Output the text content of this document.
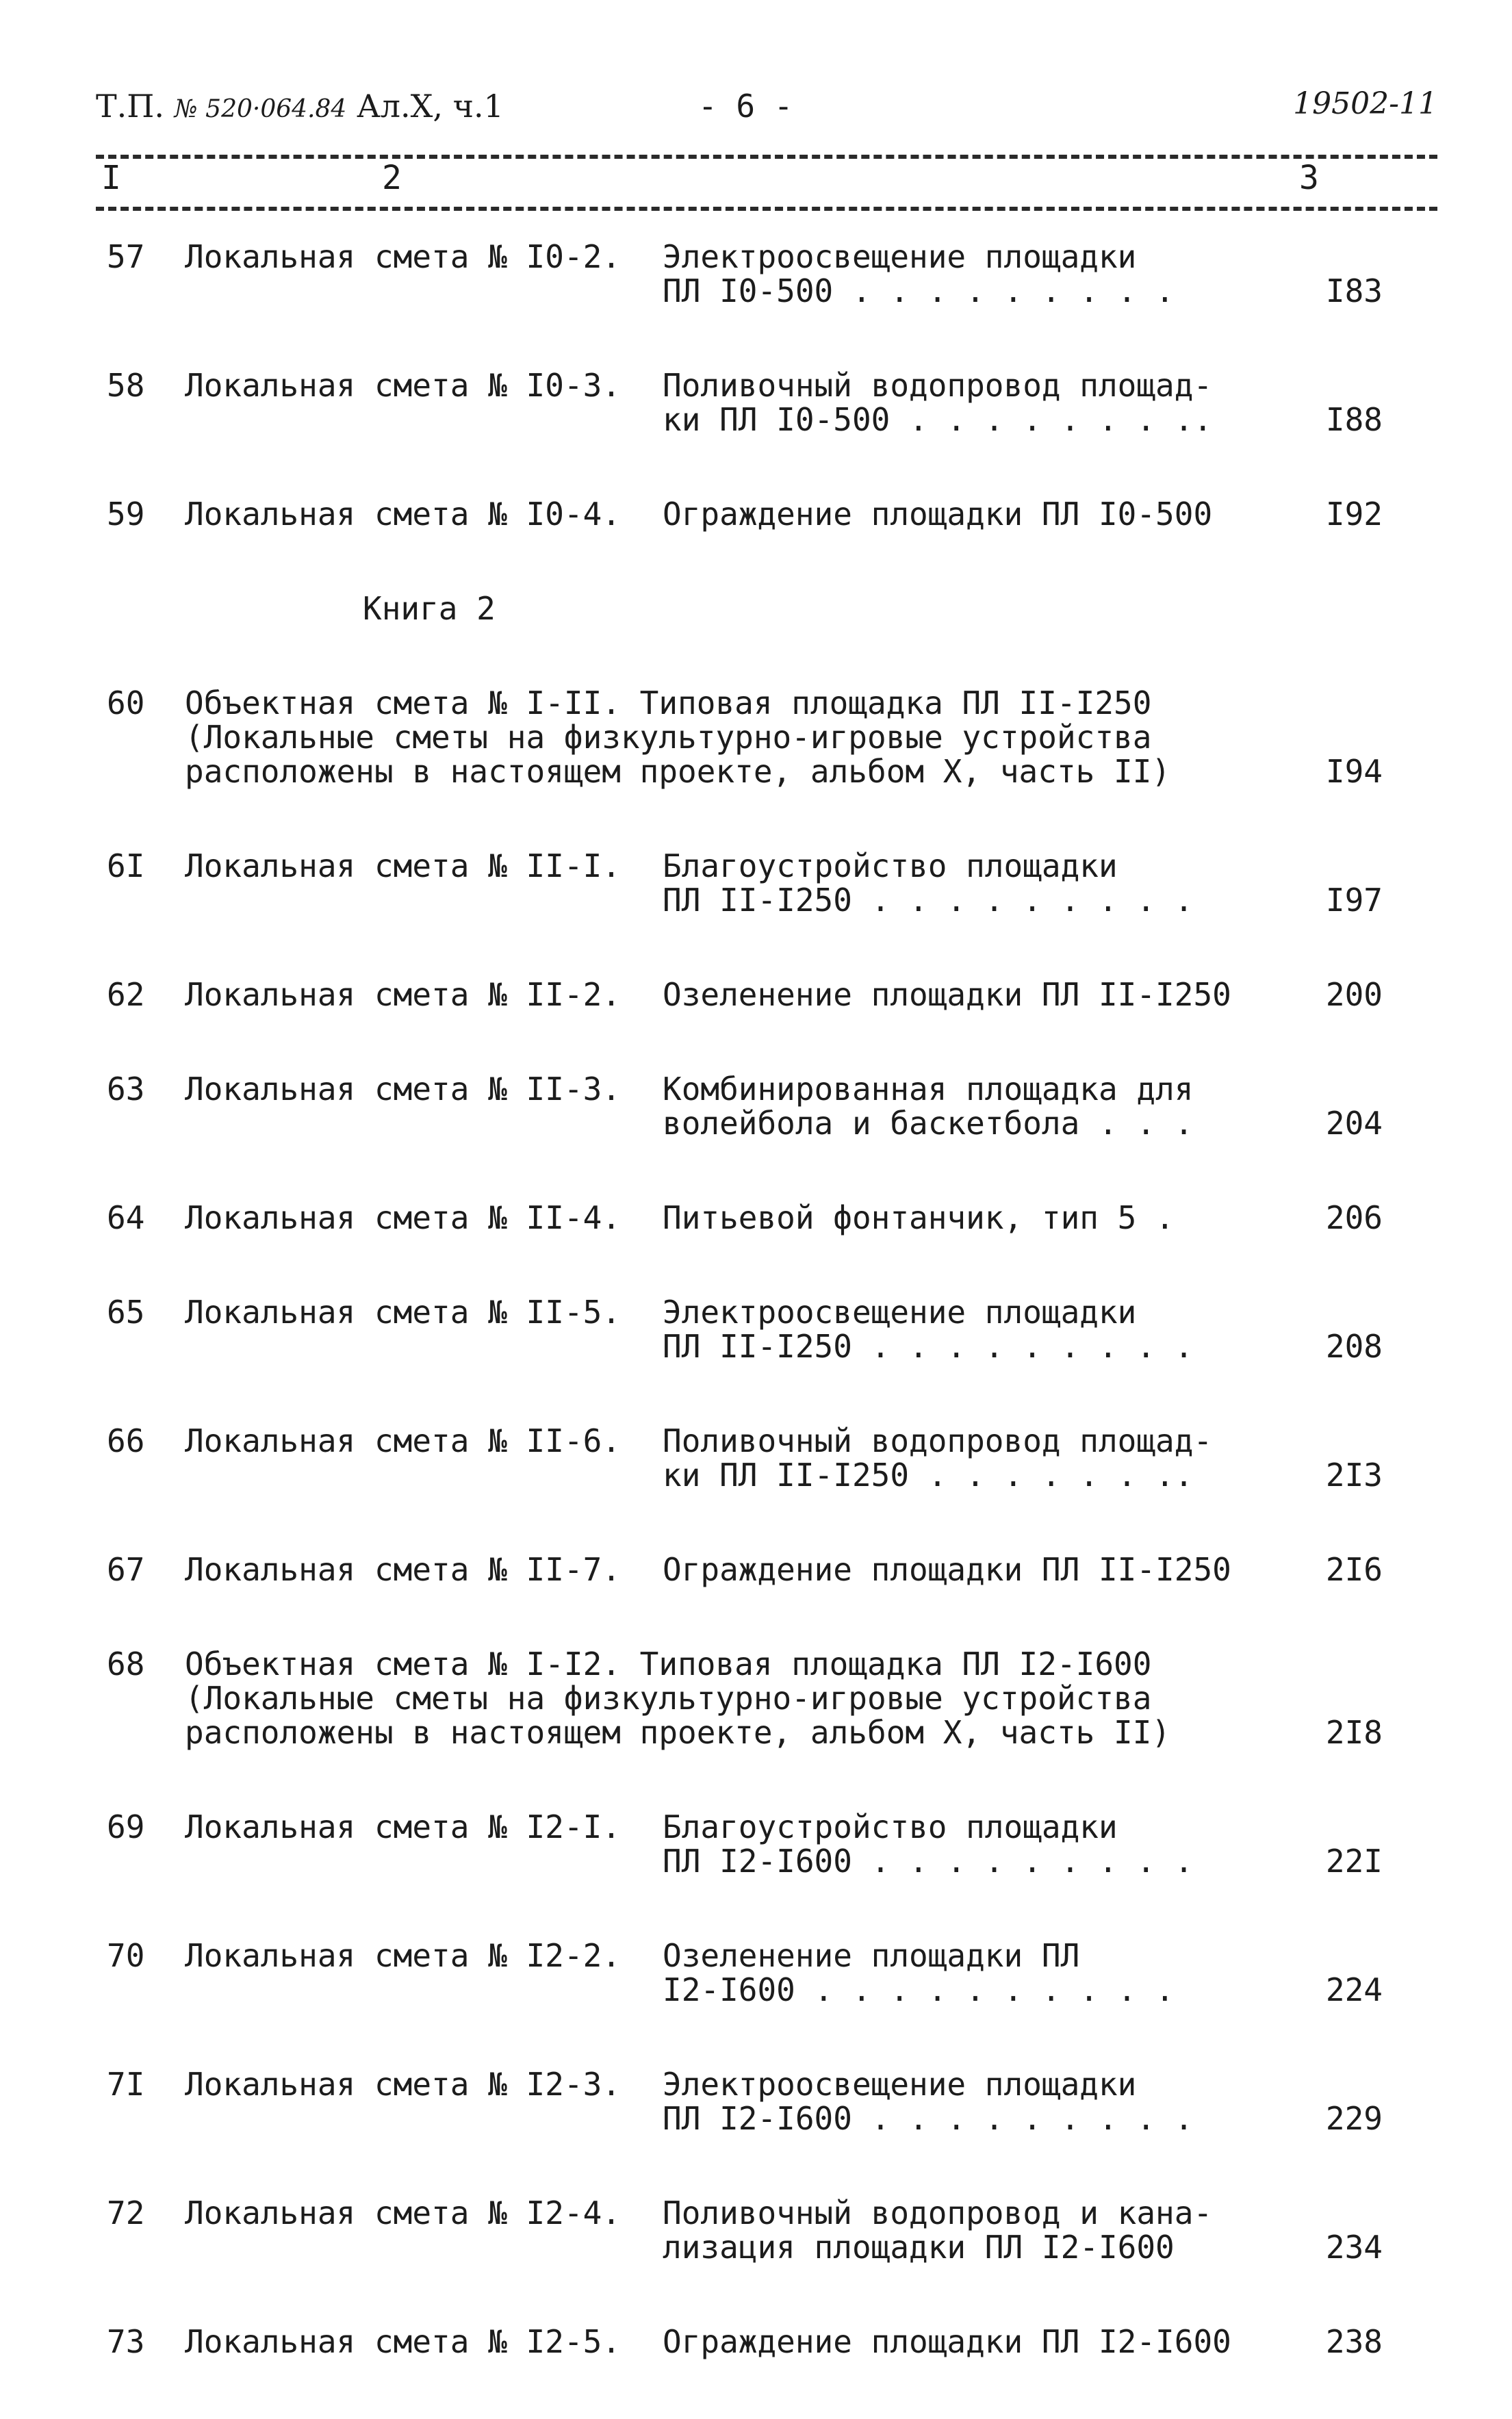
Т.П. № 520·064.84 Ал.Х, ч.1	- 6 -	19502-11
I	2	3
57	Локальная смета № I0-2.	Электроосвещение площадки
ПЛ I0-500 . . . . . . . . .	I83
58	Локальная смета № I0-3.	Поливочный водопровод площад-
ки ПЛ I0-500 . . . . . . . ..	I88
59	Локальная смета № I0-4.	Ограждение площадки ПЛ I0-500	I92
Книга 2
60	Объектная смета № I-II. Типовая площадка ПЛ II-I250
(Локальные сметы на физкультурно-игровые устройства
расположены в настоящем проекте, альбом X, часть II)	I94
6I	Локальная смета № II-I.	Благоустройство площадки
ПЛ II-I250 . . . . . . . . .	I97
62	Локальная смета № II-2.	Озеленение площадки ПЛ II-I250	200
63	Локальная смета № II-3.	Комбинированная площадка для
волейбола и баскетбола . . .	204
64	Локальная смета № II-4.	Питьевой фонтанчик, тип 5 .	206
65	Локальная смета № II-5.	Электроосвещение площадки
ПЛ II-I250 . . . . . . . . .	208
66	Локальная смета № II-6.	Поливочный водопровод площад-
ки ПЛ II-I250 . . . . . . ..	2I3
67	Локальная смета № II-7.	Ограждение площадки ПЛ II-I250	2I6
68	Объектная смета № I-I2. Типовая площадка ПЛ I2-I600
(Локальные сметы на физкультурно-игровые устройства
расположены в настоящем проекте, альбом X, часть II)	2I8
69	Локальная смета № I2-I.	Благоустройство площадки
ПЛ I2-I600 . . . . . . . . .	22I
70	Локальная смета № I2-2.	Озеленение площадки ПЛ
I2-I600 . . . . . . . . . .	224
7I	Локальная смета № I2-3.	Электроосвещение площадки
ПЛ I2-I600 . . . . . . . . .	229
72	Локальная смета № I2-4.	Поливочный водопровод и кана-
лизация площадки ПЛ I2-I600	234
73	Локальная смета № I2-5.	Ограждение площадки ПЛ I2-I600	238
